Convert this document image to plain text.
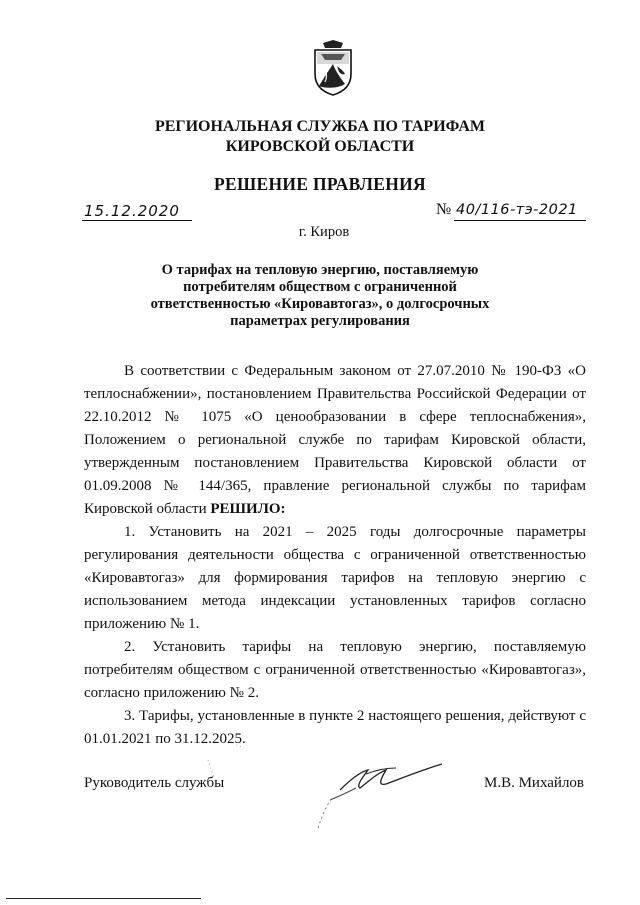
РЕГИОНАЛЬНАЯ СЛУЖБА ПО ТАРИФАМ
КИРОВСКОЙ ОБЛАСТИ
РЕШЕНИЕ ПРАВЛЕНИЯ
15.12.2020	№ 40/116-тэ-2021
г. Киров
О тарифах на тепловую энергию, поставляемую
потребителям обществом с ограниченной
ответственностью «Кировавтогаз», о долгосрочных
параметрах регулирования

В соответствии с Федеральным законом от 27.07.2010 № 190-ФЗ «О теплоснабжении», постановлением Правительства Российской Федерации от 22.10.2012 № 1075 «О ценообразовании в сфере теплоснабжения», Положением о региональной службе по тарифам Кировской области, утвержденным постановлением Правительства Кировской области от 01.09.2008 № 144/365, правление региональной службы по тарифам Кировской области РЕШИЛО:

1. Установить на 2021 – 2025 годы долгосрочные параметры регулирования деятельности общества с ограниченной ответственностью «Кировавтогаз» для формирования тарифов на тепловую энергию с использованием метода индексации установленных тарифов согласно приложению № 1.

2. Установить тарифы на тепловую энергию, поставляемую потребителям обществом с ограниченной ответственностью «Кировавтогаз», согласно приложению № 2.

3. Тарифы, установленные в пункте 2 настоящего решения, действуют с 01.01.2021 по 31.12.2025.

Руководитель службы	М.В. Михайлов
